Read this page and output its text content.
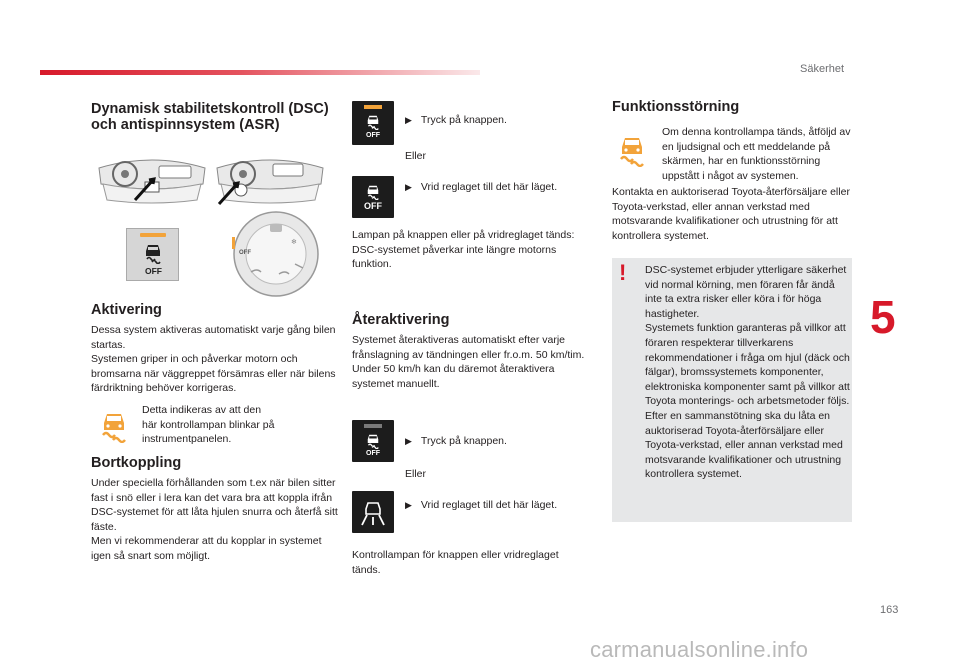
Säkerhet
5
163
carmanualsonline.info
Dynamisk stabilitetskontroll (DSC) och antispinnsystem (ASR)
OFF
OFF
❄
Aktivering

Dessa system aktiveras automatiskt varje gång bilen startas.
Systemen griper in och påverkar motorn och bromsarna när väggreppet försämras eller när bilens färdriktning behöver korrigeras.

Detta indikeras av att den
här kontrollampan blinkar på
instrumentpanelen.

Bortkoppling

Under speciella förhållanden som t.ex när bilen sitter fast i snö eller i lera kan det vara bra att koppla ifrån DSC-systemet för att låta hjulen snurra och återfå sitt fäste.
Men vi rekommenderar att du kopplar in systemet igen så snart som möjligt.

OFF
▶ Tryck på knappen.
Eller
OFF
▶ Vrid reglaget till det här läget.

Lampan på knappen eller på vridreglaget tänds: DSC-systemet påverkar inte längre motorns funktion.

Återaktivering

Systemet återaktiveras automatiskt efter varje frånslagning av tändningen eller fr.o.m. 50 km/tim.
Under 50 km/h kan du däremot återaktivera systemet manuellt.

OFF
▶ Tryck på knappen.
Eller
▶ Vrid reglaget till det här läget.

Kontrollampan för knappen eller vridreglaget tänds.

Funktionsstörning

Om denna kontrollampa tänds, åtföljd av en ljudsignal och ett meddelande på skärmen, har en funktionsstörning uppstått i något av systemen.

Kontakta en auktoriserad Toyota-återförsäljare eller Toyota-verkstad, eller annan verkstad med motsvarande kvalifikationer och utrustning för att kontrollera systemet.

! DSC-systemet erbjuder ytterligare säkerhet vid normal körning, men föraren får ändå inte ta extra risker eller köra i för höga hastigheter.
Systemets funktion garanteras på villkor att föraren respekterar tillverkarens rekommendationer i fråga om hjul (däck och fälgar), bromssystemets komponenter, elektroniska komponenter samt på villkor att Toyota monterings- och arbetsmetoder följs.
Efter en sammanstötning ska du låta en auktoriserad Toyota-återförsäljare eller Toyota-verkstad, eller annan verkstad med motsvarande kvalifikationer och utrustning kontrollera systemet.
